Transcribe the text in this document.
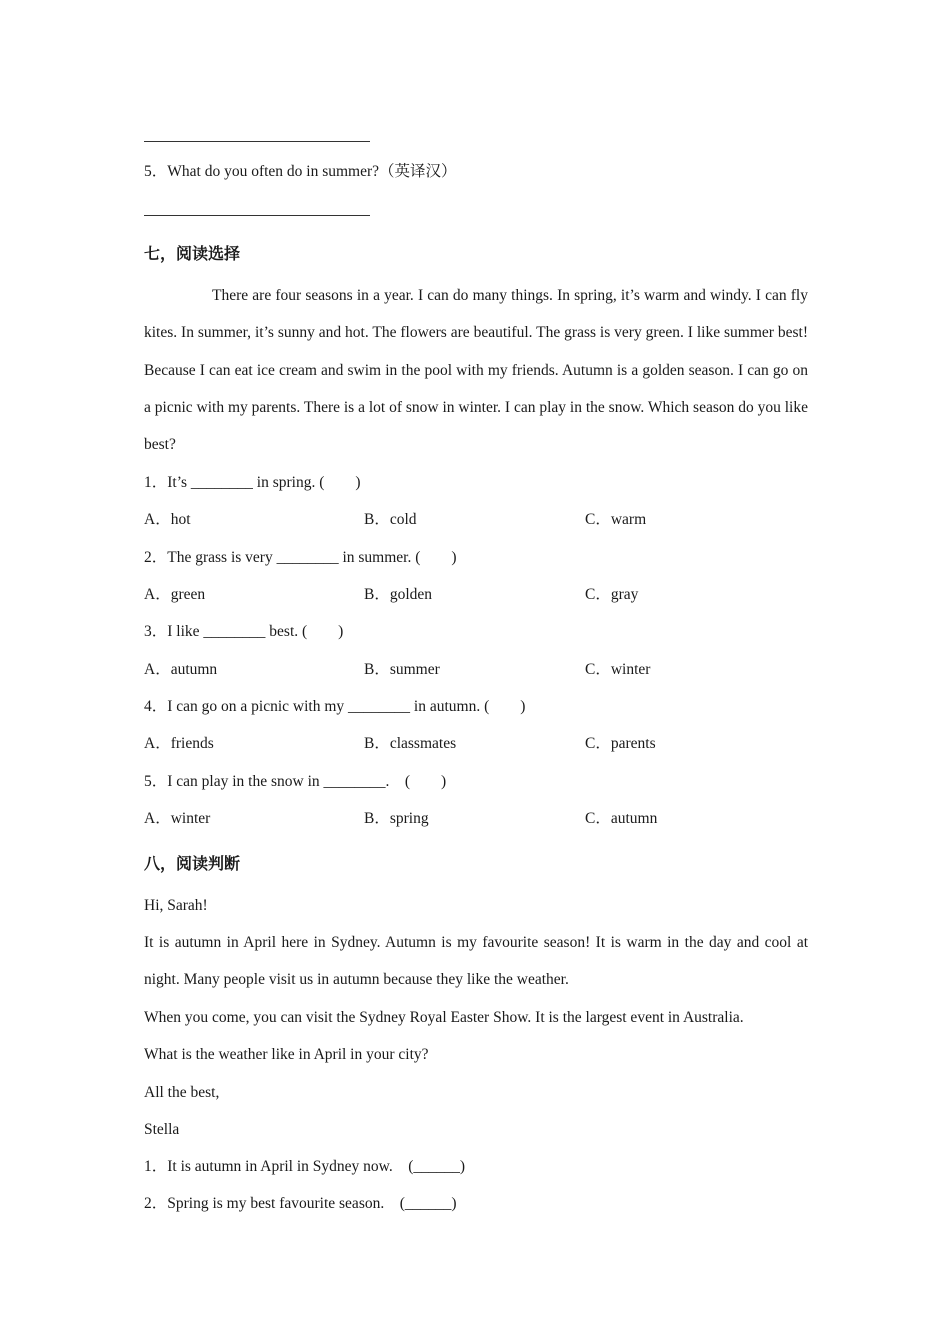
5．What do you often do in summer?（英译汉）
七，阅读选择
There are four seasons in a year. I can do many things. In spring, it’s warm and windy. I can fly kites. In summer, it’s sunny and hot. The flowers are beautiful. The grass is very green. I like summer best! Because I can eat ice cream and swim in the pool with my friends. Autumn is a golden season. I can go on a picnic with my parents. There is a lot of snow in winter. I can play in the snow. Which season do you like best?
1．It’s ________ in spring. (　　)
A．hot	B．cold	C．warm
2．The grass is very ________ in summer. (　　)
A．green	B．golden	C．gray
3．I like ________ best. (　　)
A．autumn	B．summer	C．winter
4．I can go on a picnic with my ________ in autumn. (　　)
A．friends	B．classmates	C．parents
5．I can play in the snow in ________.　(　　)
A．winter	B．spring	C．autumn
八，阅读判断
Hi, Sarah!
It is autumn in April here in Sydney. Autumn is my favourite season! It is warm in the day and cool at night. Many people visit us in autumn because they like the weather.
When you come, you can visit the Sydney Royal Easter Show. It is the largest event in Australia.
What is the weather like in April in your city?
All the best,
Stella
1．It is autumn in April in Sydney now.　(______)
2．Spring is my best favourite season.　(______)
